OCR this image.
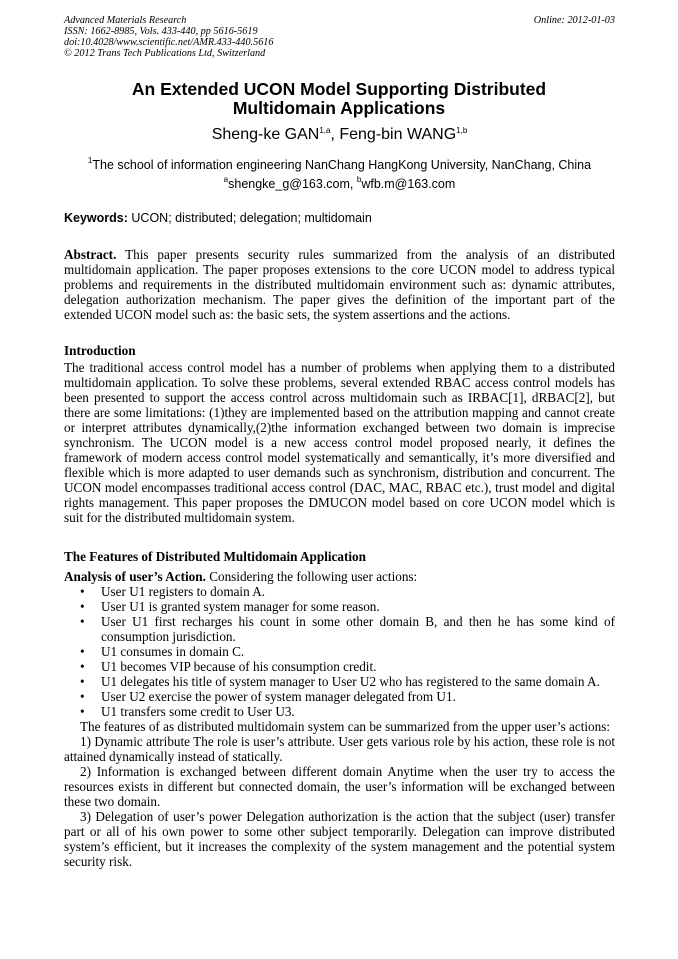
Advanced Materials Research
ISSN: 1662-8985, Vols. 433-440, pp 5616-5619
doi:10.4028/www.scientific.net/AMR.433-440.5616
© 2012 Trans Tech Publications Ltd, Switzerland
Online: 2012-01-03
An Extended UCON Model Supporting Distributed Multidomain Applications
Sheng-ke GAN$^{1,a}$, Feng-bin WANG$^{1,b}$
$^1$The school of information engineering NanChang HangKong University, NanChang, China
$^a$shengke_g@163.com, $^b$wfb.m@163.com
Keywords: UCON; distributed; delegation; multidomain
Abstract. This paper presents security rules summarized from the analysis of an distributed multidomain application. The paper proposes extensions to the core UCON model to address typical problems and requirements in the distributed multidomain environment such as: dynamic attributes, delegation authorization mechanism. The paper gives the definition of the important part of the extended UCON model such as: the basic sets, the system assertions and the actions.
Introduction
The traditional access control model has a number of problems when applying them to a distributed multidomain application. To solve these problems, several extended RBAC access control models has been presented to support the access control across multidomain such as IRBAC[1], dRBAC[2], but there are some limitations: (1)they are implemented based on the attribution mapping and cannot create or interpret attributes dynamically,(2)the information exchanged between two domain is imprecise synchronism. The UCON model is a new access control model proposed nearly, it defines the framework of modern access control model systematically and semantically, it’s more diversified and flexible which is more adapted to user demands such as synchronism, distribution and concurrent. The UCON model encompasses traditional access control (DAC, MAC, RBAC etc.), trust model and digital rights management. This paper proposes the DMUCON model based on core UCON model which is suit for the distributed multidomain system.
The Features of Distributed Multidomain Application
Analysis of user’s Action. Considering the following user actions:
• User U1 registers to domain A.
• User U1 is granted system manager for some reason.
• User U1 first recharges his count in some other domain B, and then he has some kind of consumption jurisdiction.
• U1 consumes in domain C.
• U1 becomes VIP because of his consumption credit.
• U1 delegates his title of system manager to User U2 who has registered to the same domain A.
• User U2 exercise the power of system manager delegated from U1.
• U1 transfers some credit to User U3.
The features of as distributed multidomain system can be summarized from the upper user’s actions:
1) Dynamic attribute The role is user’s attribute. User gets various role by his action, these role is not attained dynamically instead of statically.
2) Information is exchanged between different domain Anytime when the user try to access the resources exists in different but connected domain, the user’s information will be exchanged between these two domain.
3) Delegation of user’s power Delegation authorization is the action that the subject (user) transfer part or all of his own power to some other subject temporarily. Delegation can improve distributed system’s efficient, but it increases the complexity of the system management and the potential system security risk.
